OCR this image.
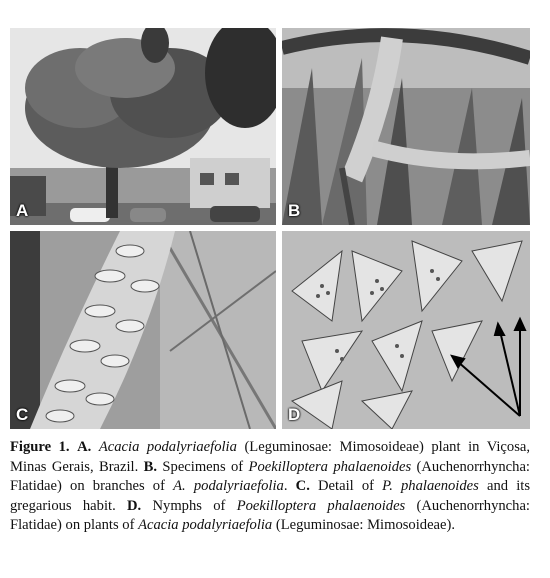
A	B
C	D
Figure 1. A. Acacia podalyriaefolia (Leguminosae: Mimosoideae) plant in Viçosa, Minas Gerais, Brazil. B. Specimens of Poekilloptera phalaenoides (Auchenorrhyncha: Flatidae) on branches of A. podalyriaefolia. C. Detail of P. phalaenoides and its gregarious habit. D. Nymphs of Poekilloptera phalaenoides (Auchenorrhyncha: Flatidae) on plants of Acacia podalyriaefolia (Leguminosae: Mimosoideae).
